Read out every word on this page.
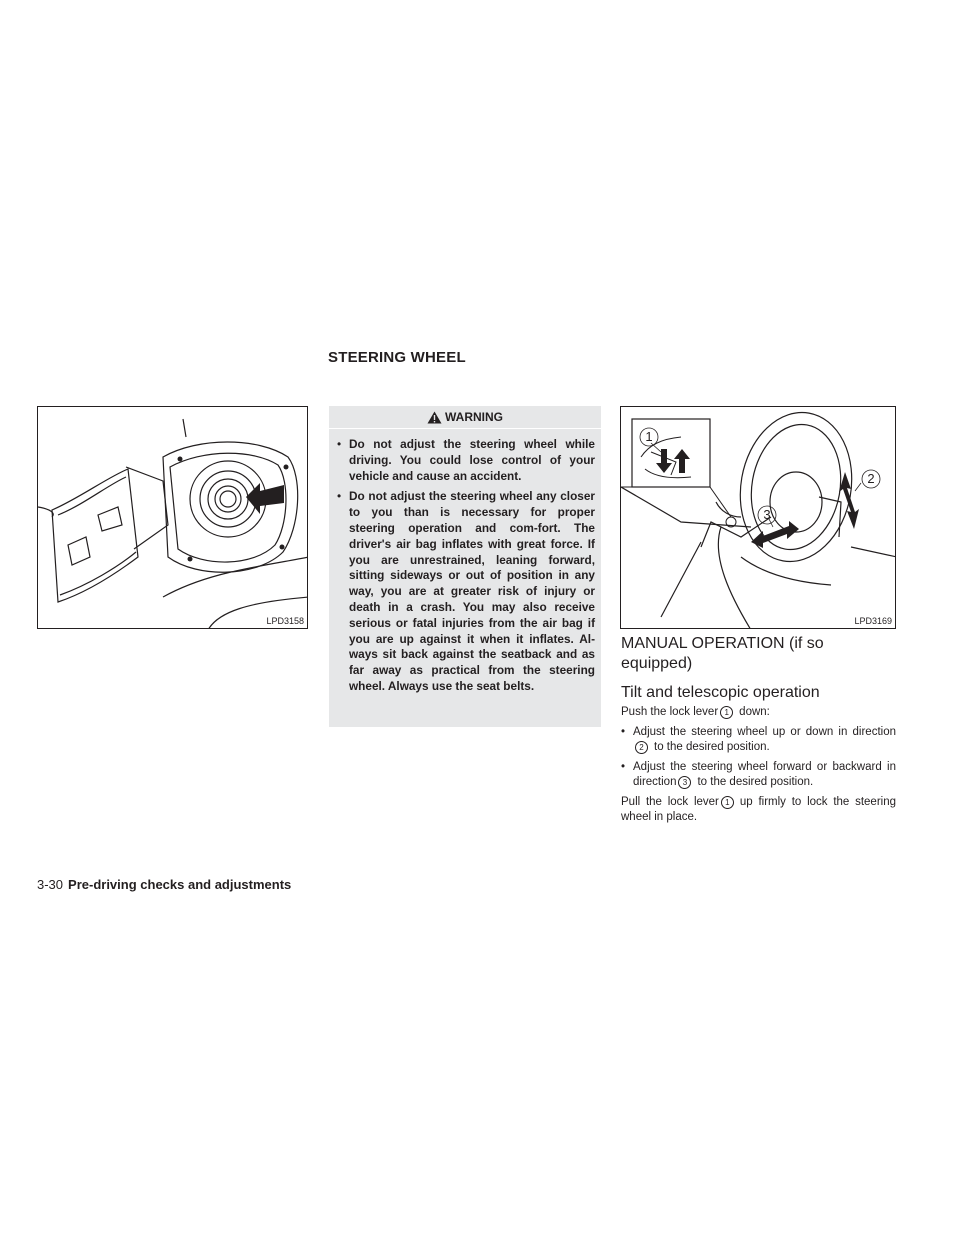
STEERING WHEEL
LPD3158
WARNING
• Do not adjust the steering wheel while driving. You could lose control of your vehicle and cause an accident.
• Do not adjust the steering wheel any closer to you than is necessary for proper steering operation and com-fort. The driver's air bag inflates with great force. If you are unrestrained, leaning forward, sitting sideways or out of position in any way, you are at greater risk of injury or death in a crash. You may also receive serious or fatal injuries from the air bag if you are up against it when it inflates. Al-ways sit back against the seatback and as far away as practical from the steering wheel. Always use the seat belts.
1
2
3
LPD3169
MANUAL OPERATION (if so equipped)
Tilt and telescopic operation

Push the lock lever 1 down:

• Adjust the steering wheel up or down in direction2 to the desired position.
• Adjust the steering wheel forward or backward in direction 3 to the desired position.

Pull the lock lever 1 up firmly to lock the steering wheel in place.

3-30 Pre-driving checks and adjustments
